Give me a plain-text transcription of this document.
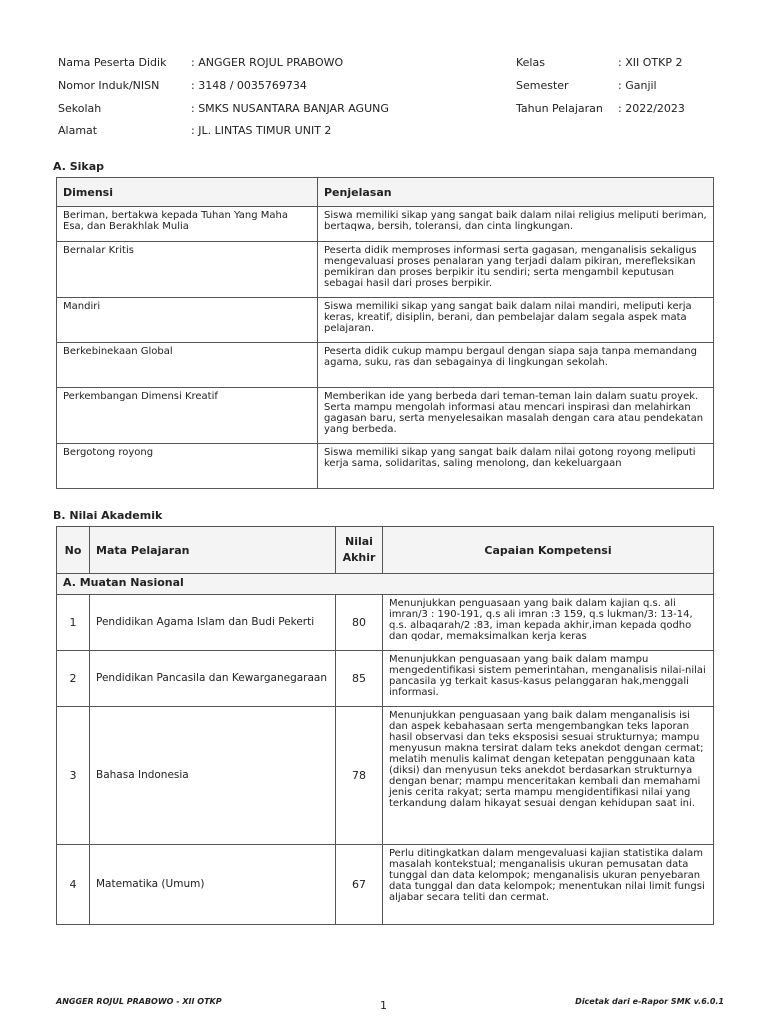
Nama Peserta Didik : ANGGER ROJUL PRABOWO
Nomor Induk/NISN	: 3148 / 0035769734
Sekolah	: SMKS NUSANTARA BANJAR AGUNG
Alamat	: JL. LINTAS TIMUR UNIT 2
Kelas	: XII OTKP 2
Semester	: Ganjil
Tahun Pelajaran : 2022/2023
A. Sikap
Dimensi	Penjelasan
Beriman, bertakwa kepada Tuhan Yang Maha Esa, dan Berakhlak Mulia	Siswa memiliki sikap yang sangat baik dalam nilai religius meliputi beriman, bertaqwa, bersih, toleransi, dan cinta lingkungan.
Bernalar Kritis	Peserta didik memproses informasi serta gagasan, menganalisis sekaligus mengevaluasi proses penalaran yang terjadi dalam pikiran, merefleksikan pemikiran dan proses berpikir itu sendiri; serta mengambil keputusan sebagai hasil dari proses berpikir.
Mandiri	Siswa memiliki sikap yang sangat baik dalam nilai mandiri, meliputi kerja keras, kreatif, disiplin, berani, dan pembelajar dalam segala aspek mata pelajaran.
Berkebinekaan Global	Peserta didik cukup mampu bergaul dengan siapa saja tanpa memandang agama, suku, ras dan sebagainya di lingkungan sekolah.
Perkembangan Dimensi Kreatif	Memberikan ide yang berbeda dari teman-teman lain dalam suatu proyek. Serta mampu mengolah informasi atau mencari inspirasi dan melahirkan gagasan baru, serta menyelesaikan masalah dengan cara atau pendekatan yang berbeda.
Bergotong royong	Siswa memiliki sikap yang sangat baik dalam nilai gotong royong meliputi kerja sama, solidaritas, saling menolong, dan kekeluargaan
B. Nilai Akademik
No	Mata Pelajaran	Nilai Akhir	Capaian Kompetensi
A. Muatan Nasional			
1	Pendidikan Agama Islam dan Budi Pekerti	80	Menunjukkan penguasaan yang baik dalam kajian q.s. ali imran/3 : 190-191, q.s ali imran :3 159, q.s lukman/3: 13-14, q.s. albaqarah/2 :83, iman kepada akhir,iman kepada qodho dan qodar, memaksimalkan kerja keras
2	Pendidikan Pancasila dan Kewarganegaraan	85	Menunjukkan penguasaan yang baik dalam mampu mengedentifikasi sistem pemerintahan, menganalisis nilai-nilai pancasila yg terkait kasus-kasus pelanggaran hak,menggali informasi.
3	Bahasa Indonesia	78	Menunjukkan penguasaan yang baik dalam menganalisis isi dan aspek kebahasaan serta mengembangkan teks laporan hasil observasi dan teks eksposisi sesuai strukturnya; mampu menyusun makna tersirat dalam teks anekdot dengan cermat; melatih menulis kalimat dengan ketepatan penggunaan kata (diksi) dan menyusun teks anekdot berdasarkan strukturnya dengan benar; mampu menceritakan kembali dan memahami jenis cerita rakyat; serta mampu mengidentifikasi nilai yang terkandung dalam hikayat sesuai dengan kehidupan saat ini.
4	Matematika (Umum)	67	Perlu ditingkatkan dalam mengevaluasi kajian statistika dalam masalah kontekstual; menganalisis ukuran pemusatan data tunggal dan data kelompok; menganalisis ukuran penyebaran data tunggal dan data kelompok; menentukan nilai limit fungsi aljabar secara teliti dan cermat.
ANGGER ROJUL PRABOWO - XII OTKP	1	Dicetak dari e-Rapor SMK v.6.0.1
